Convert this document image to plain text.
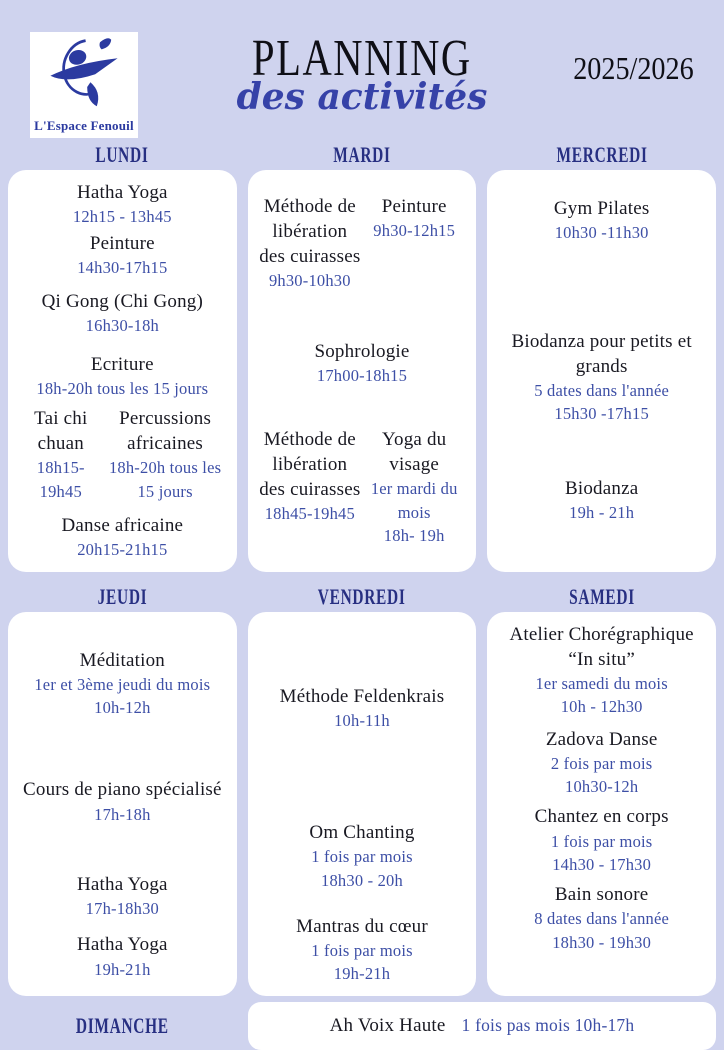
L'Espace Fenouil
PLANNING
des activités
2025/2026
LUNDI
Hatha Yoga
12h15 - 13h45
Peinture
14h30-17h15
Qi Gong (Chi Gong)
16h30-18h
Ecriture
18h-20h tous les 15 jours
Tai chi chuan
18h15-19h45
Percussions africaines
18h-20h tous les 15 jours
Danse africaine
20h15-21h15
MARDI
Méthode de libération des cuirasses
9h30-10h30
Peinture
9h30-12h15
Sophrologie
17h00-18h15
Méthode de libération des cuirasses
18h45-19h45
Yoga du visage
1er mardi du mois
18h- 19h
MERCREDI
Gym Pilates
10h30 -11h30
Biodanza pour petits et grands
5 dates dans l'année
15h30 -17h15
Biodanza
19h - 21h
JEUDI
Méditation
1er et 3ème jeudi du mois
10h-12h
Cours de piano spécialisé
17h-18h
Hatha Yoga
17h-18h30
Hatha Yoga
19h-21h
VENDREDI
Méthode Feldenkrais
10h-11h
Om Chanting
1 fois par mois
18h30 - 20h
Mantras du cœur
1 fois par mois
19h-21h
SAMEDI
Atelier Chorégraphique “In situ”
1er samedi du mois
10h - 12h30
Zadova Danse
2 fois par mois
10h30-12h
Chantez en corps
1 fois par mois
14h30 - 17h30
Bain sonore
8 dates dans l'année
18h30 - 19h30
DIMANCHE	Ah Voix Haute 1 fois pas mois 10h-17h
